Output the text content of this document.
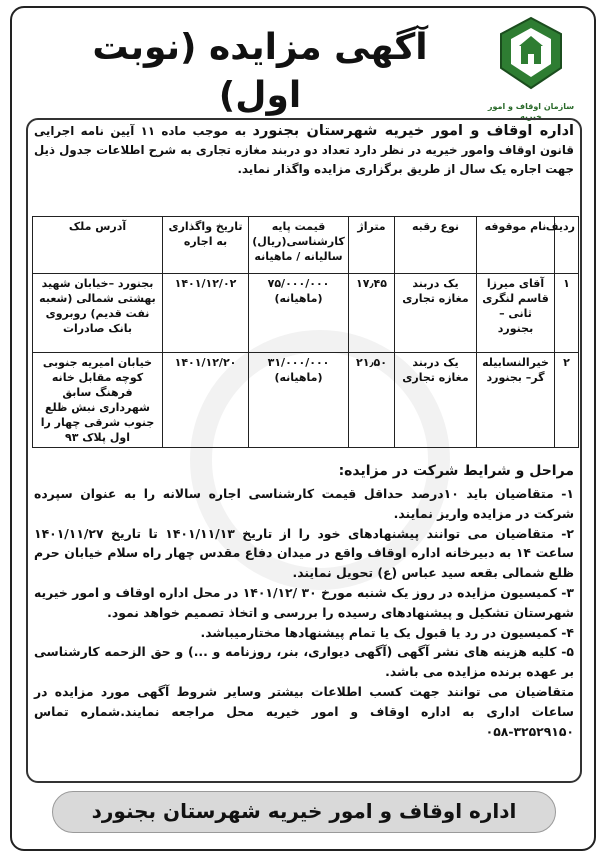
آگهی مزایده (نوبت اول)	سازمان اوقاف و امور خیریه
اداره اوقاف و امور خیریه شهرستان بجنورد به موجب ماده ۱۱ آیین نامه اجرایی قانون اوقاف وامور خیریه در نظر دارد تعداد دو دربند مغازه تجاری به شرح اطلاعات جدول ذیل جهت اجاره یک سال از طریق برگزاری مزایده واگذار نماید.
ردیف	نام موقوفه	نوع رقبه	متراژ	قیمت پایه کارشناسی(ریال) سالیانه / ماهیانه	تاریخ واگذاری به اجاره	آدرس ملک
۱	آقای میرزا قاسم لنگری ثانی – بجنورد	یک دربند مغازه تجاری	۱۷٫۴۵	۷۵/۰۰۰/۰۰۰ (ماهیانه)	۱۴۰۱/۱۲/۰۲	بجنورد –خیابان شهید بهشتی شمالی (شعبه نفت قدیم) روبروی بانک صادرات
۲	خیرالنسابیله گر– بجنورد	یک دربند مغازه تجاری	۲۱٫۵۰	۳۱/۰۰۰/۰۰۰ (ماهیانه)	۱۴۰۱/۱۲/۲۰	خیابان امیریه جنوبی کوچه مقابل خانه فرهنگ سابق شهرداری نبش ظلع جنوب شرقی چهار را اول پلاک ۹۳
مراحل و شرایط شرکت در مزایده:

۱- متقاضیان باید ۱۰درصد حداقل قیمت کارشناسی اجاره سالانه را به عنوان سپرده شرکت در مزایده واریز نمایند.

۲- متقاضیان می توانند پیشنهادهای خود را از تاریخ ۱۴۰۱/۱۱/۱۳ تا تاریخ ۱۴۰۱/۱۱/۲۷ ساعت ۱۴ به دبیرخانه اداره اوقاف واقع در میدان دفاع مقدس چهار راه سلام خیابان حرم ظلع شمالی بقعه سید عباس (ع) تحویل نمایند.

۳- کمیسیون مزایده در روز یک شنبه مورخ ۳۰ /۱۴۰۱/۱۲ در محل اداره اوقاف و امور خیریه شهرستان تشکیل و پیشنهادهای رسیده را بررسی و اتخاذ تصمیم خواهد نمود.

۴- کمیسیون در رد یا قبول یک یا تمام پیشنهادها مختارمیباشد.

۵- کلیه هزینه های نشر آگهی (آگهی دیواری، بنر، روزنامه و ...) و حق الزحمه کارشناسی بر عهده برنده مزایده می باشد.

متقاضیان می توانند جهت کسب اطلاعات بیشتر وسایر شروط آگهی مورد مزایده در ساعات اداری به اداره اوقاف و امور خیریه محل مراجعه نمایند.شماره تماس ۰۵۸-۳۲۵۲۹۱۵۰

اداره اوقاف و امور خیریه شهرستان بجنورد
